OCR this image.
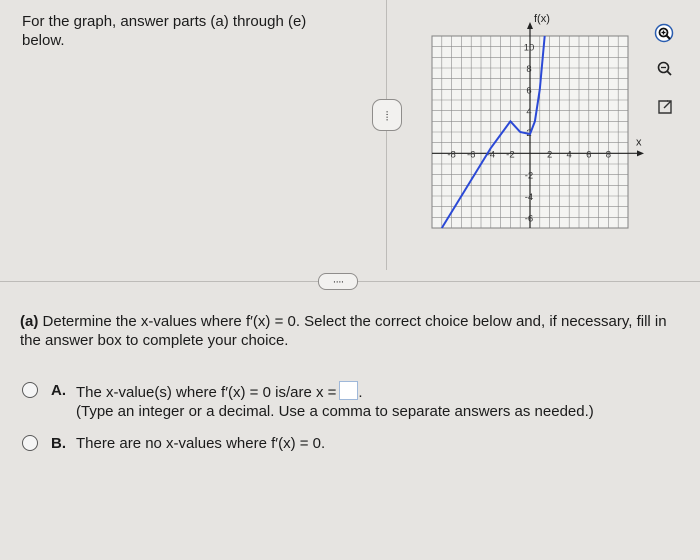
For the graph, answer parts (a) through (e) below.
····
-8 -6 -4 -2	2 4 6 8
10
8
6
4
2
-2
-4
-6
f(x)
x
····
(a) Determine the x-values where f′(x) = 0. Select the correct choice below and, if necessary, fill in the answer box to complete your choice.
A. The x-value(s) where f′(x) = 0 is/are x = .
(Type an integer or a decimal. Use a comma to separate answers as needed.)
B. There are no x-values where f′(x) = 0.
